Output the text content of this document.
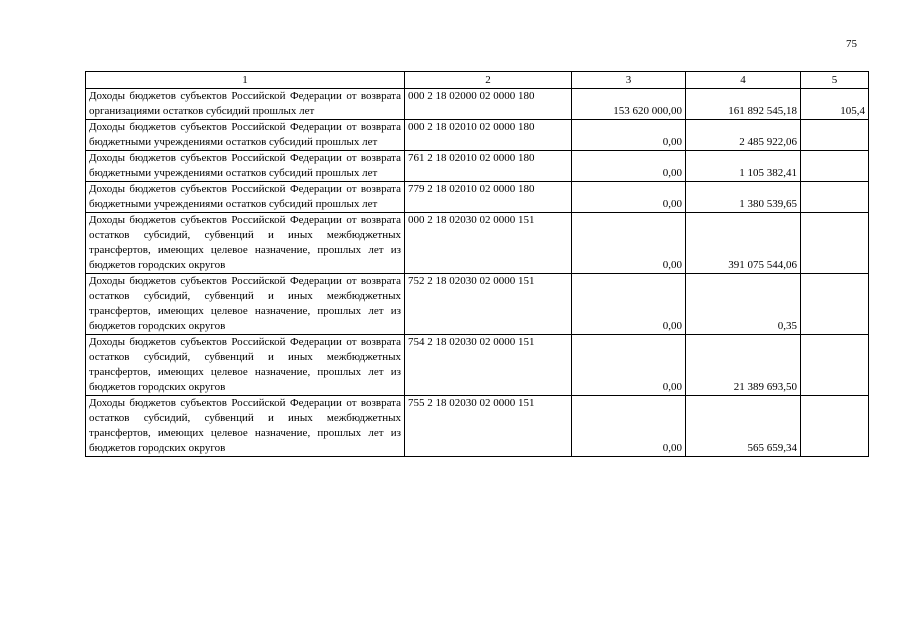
75
1	2	3	4	5
Доходы бюджетов субъектов Российской Федерации от возврата организациями остатков субсидий прошлых лет	000 2 18 02000 02 0000 180	153 620 000,00	161 892 545,18	105,4
Доходы бюджетов субъектов Российской Федерации от возврата бюджетными учреждениями остатков субсидий прошлых лет	000 2 18 02010 02 0000 180	0,00	2 485 922,06	
Доходы бюджетов субъектов Российской Федерации от возврата бюджетными учреждениями остатков субсидий прошлых лет	761 2 18 02010 02 0000 180	0,00	1 105 382,41	
Доходы бюджетов субъектов Российской Федерации от возврата бюджетными учреждениями остатков субсидий прошлых лет	779 2 18 02010 02 0000 180	0,00	1 380 539,65	
Доходы бюджетов субъектов Российской Федерации от возврата остатков субсидий, субвенций и иных межбюджетных трансфертов, имеющих целевое назначение, прошлых лет из бюджетов городских округов	000 2 18 02030 02 0000 151	0,00	391 075 544,06	
Доходы бюджетов субъектов Российской Федерации от возврата остатков субсидий, субвенций и иных межбюджетных трансфертов, имеющих целевое назначение, прошлых лет из бюджетов городских округов	752 2 18 02030 02 0000 151	0,00	0,35	
Доходы бюджетов субъектов Российской Федерации от возврата остатков субсидий, субвенций и иных межбюджетных трансфертов, имеющих целевое назначение, прошлых лет из бюджетов городских округов	754 2 18 02030 02 0000 151	0,00	21 389 693,50	
Доходы бюджетов субъектов Российской Федерации от возврата остатков субсидий, субвенций и иных межбюджетных трансфертов, имеющих целевое назначение, прошлых лет из бюджетов городских округов	755 2 18 02030 02 0000 151	0,00	565 659,34	
